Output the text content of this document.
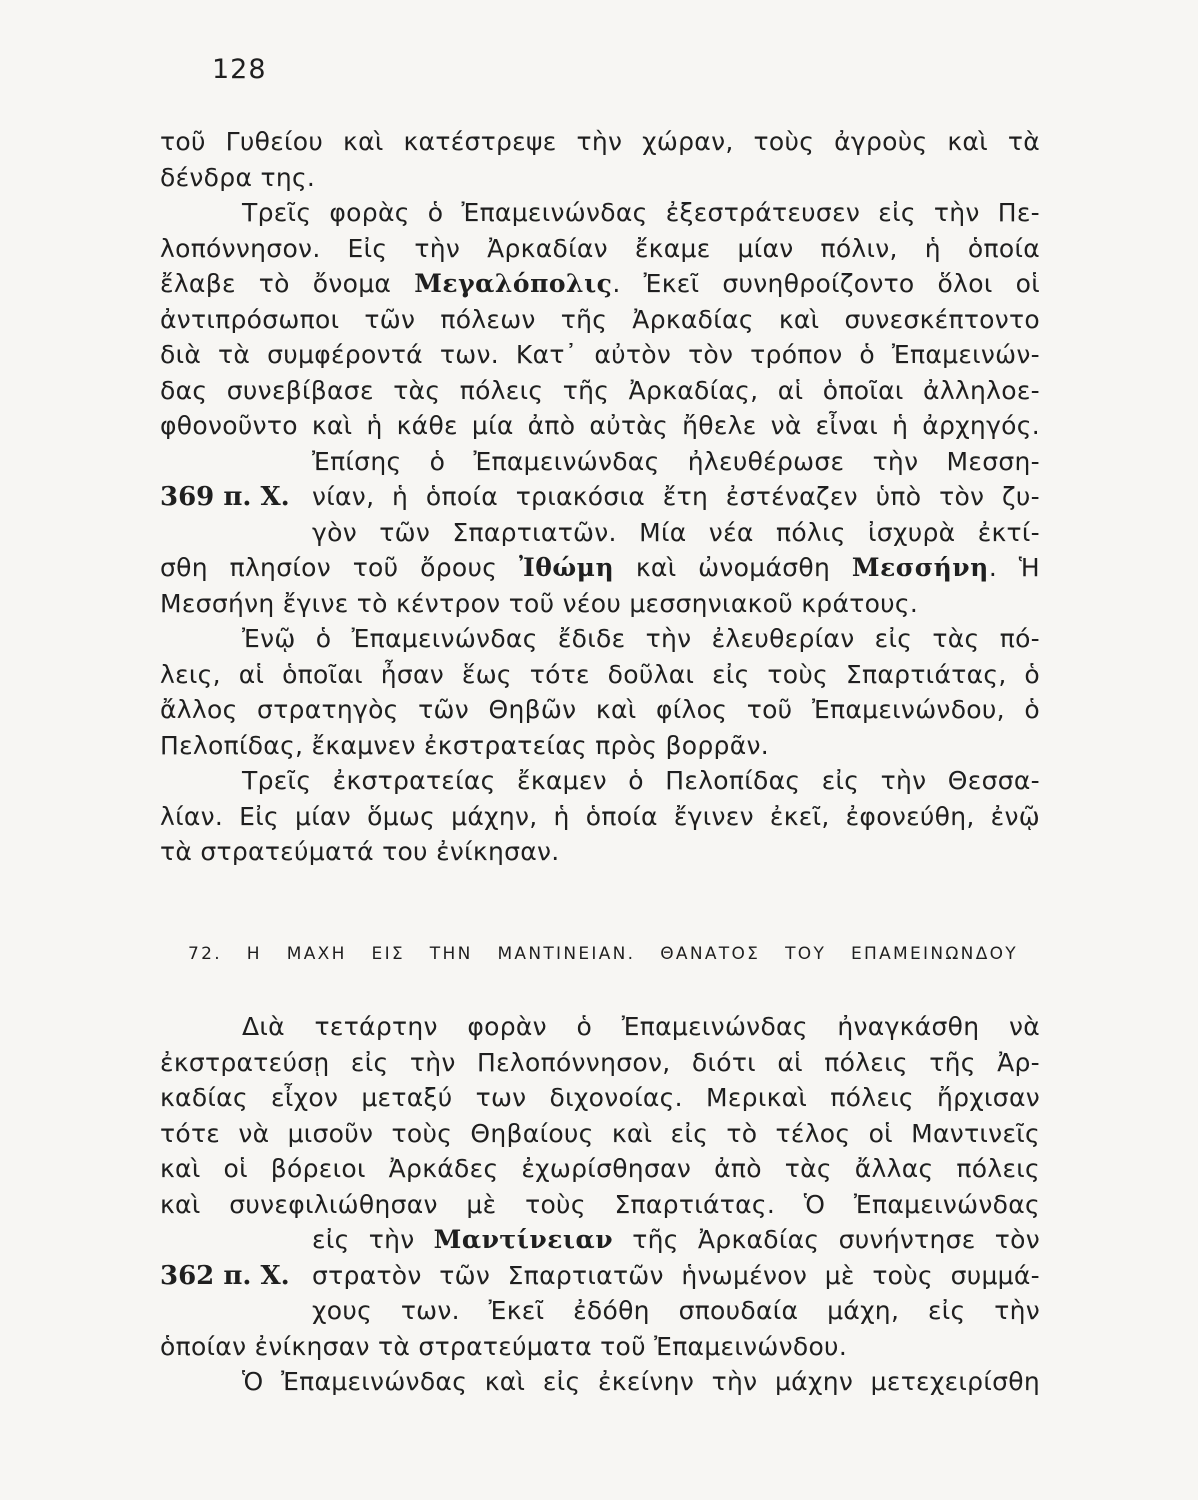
128
τοῦ Γυθείου καὶ κατέστρεψε τὴν χώραν, τοὺς ἀγροὺς καὶ τὰ
δένδρα της.
Τρεῖς φορὰς ὁ Ἐπαμεινώνδας ἐξεστράτευσεν εἰς τὴν Πε-
λοπόννησον. Εἰς τὴν Ἀρκαδίαν ἔκαμε μίαν πόλιν, ἡ ὁποία
ἔλαβε τὸ ὄνομα Μεγαλόπολις. Ἐκεῖ συνηθροίζοντο ὅλοι οἱ
ἀντιπρόσωποι τῶν πόλεων τῆς Ἀρκαδίας καὶ συνεσκέπτοντο
διὰ τὰ συμφέροντά των. Κατ᾽ αὐτὸν τὸν τρόπον ὁ Ἐπαμεινών-
δας συνεβίβασε τὰς πόλεις τῆς Ἀρκαδίας, αἱ ὁποῖαι ἀλληλοε-
φθονοῦντο καὶ ἡ κάθε μία ἀπὸ αὐτὰς ἤθελε νὰ εἶναι ἡ ἀρχηγός.
Ἐπίσης ὁ Ἐπαμεινώνδας ἠλευθέρωσε τὴν Μεσση-
369 π. Χ. νίαν, ἡ ὁποία τριακόσια ἔτη ἐστέναζεν ὑπὸ τὸν ζυ-
γὸν τῶν Σπαρτιατῶν. Μία νέα πόλις ἰσχυρὰ ἐκτί-
σθη πλησίον τοῦ ὄρους Ἰθώμη καὶ ὠνομάσθη Μεσσήνη. Ἡ
Μεσσήνη ἔγινε τὸ κέντρον τοῦ νέου μεσσηνιακοῦ κράτους.
Ἐνῷ ὁ Ἐπαμεινώνδας ἔδιδε τὴν ἐλευθερίαν εἰς τὰς πό-
λεις, αἱ ὁποῖαι ἦσαν ἕως τότε δοῦλαι εἰς τοὺς Σπαρτιάτας, ὁ
ἄλλος στρατηγὸς τῶν Θηβῶν καὶ φίλος τοῦ Ἐπαμεινώνδου, ὁ
Πελοπίδας, ἔκαμνεν ἐκστρατείας πρὸς βορρᾶν.
Τρεῖς ἐκστρατείας ἔκαμεν ὁ Πελοπίδας εἰς τὴν Θεσσα-
λίαν. Εἰς μίαν ὅμως μάχην, ἡ ὁποία ἔγινεν ἐκεῖ, ἐφονεύθη, ἐνῷ
τὰ στρατεύματά του ἐνίκησαν.
72. Η ΜΑΧΗ ΕΙΣ ΤΗΝ ΜΑΝΤΙΝΕΙΑΝ. ΘΑΝΑΤΟΣ ΤΟΥ ΕΠΑΜΕΙΝΩΝΔΟΥ
Διὰ τετάρτην φορὰν ὁ Ἐπαμεινώνδας ἠναγκάσθη νὰ
ἐκστρατεύσῃ εἰς τὴν Πελοπόννησον, διότι αἱ πόλεις τῆς Ἀρ-
καδίας εἶχον μεταξύ των διχονοίας. Μερικαὶ πόλεις ἤρχισαν
τότε νὰ μισοῦν τοὺς Θηβαίους καὶ εἰς τὸ τέλος οἱ Μαντινεῖς
καὶ οἱ βόρειοι Ἀρκάδες ἐχωρίσθησαν ἀπὸ τὰς ἄλλας πόλεις
καὶ συνεφιλιώθησαν μὲ τοὺς Σπαρτιάτας. Ὁ Ἐπαμεινώνδας
εἰς τὴν Μαντίνειαν τῆς Ἀρκαδίας συνήντησε τὸν
362 π. Χ. στρατὸν τῶν Σπαρτιατῶν ἡνωμένον μὲ τοὺς συμμά-
χους των. Ἐκεῖ ἐδόθη σπουδαία μάχη, εἰς τὴν
ὁποίαν ἐνίκησαν τὰ στρατεύματα τοῦ Ἐπαμεινώνδου.
Ὁ Ἐπαμεινώνδας καὶ εἰς ἐκείνην τὴν μάχην μετεχειρίσθη
